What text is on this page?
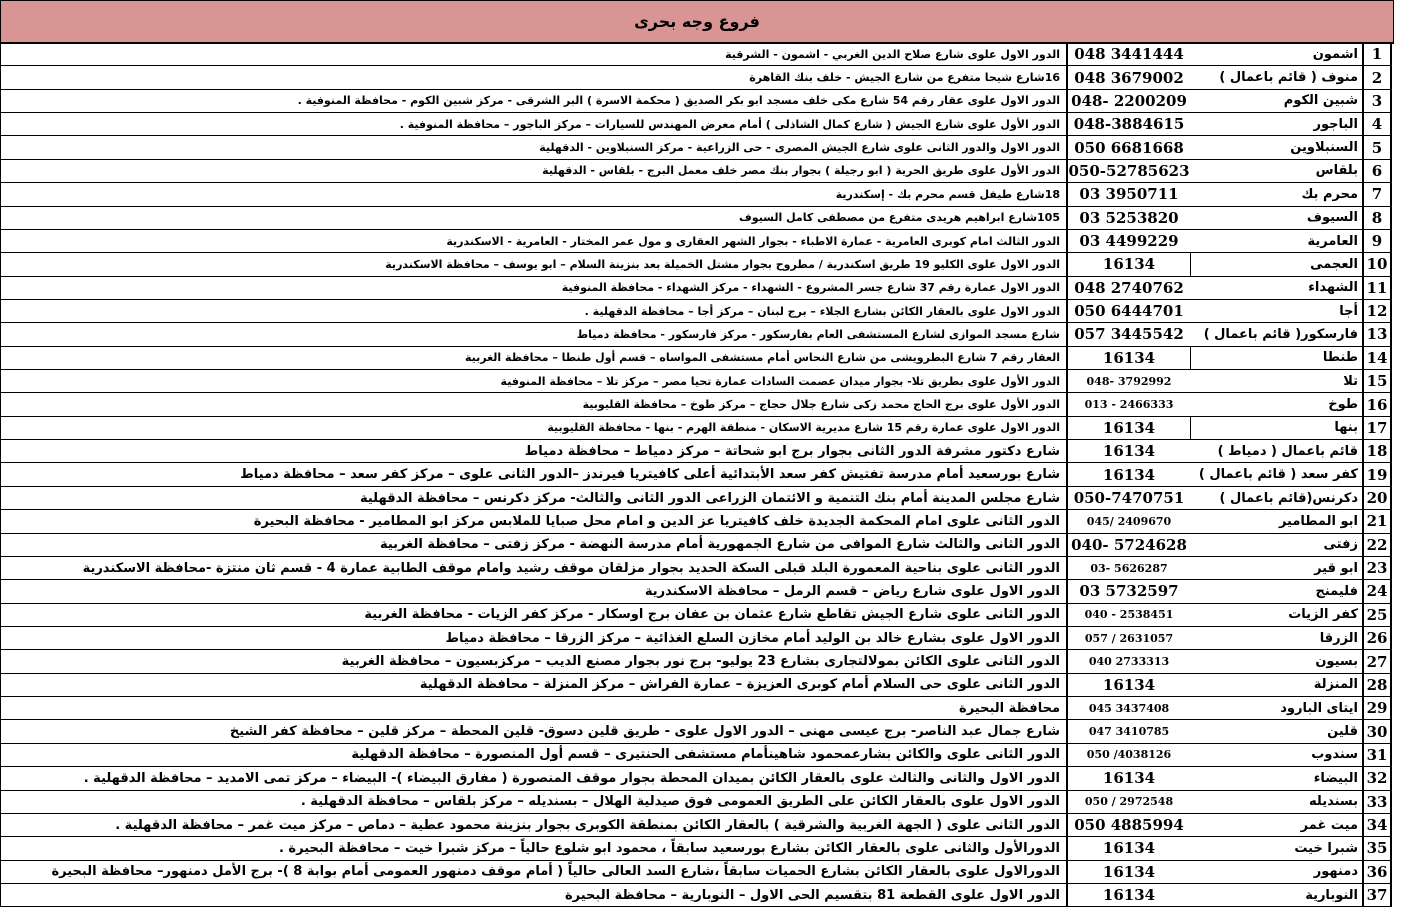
فروع وجه بحرى
1
اشمون
048 3441444
الدور الاول علوى شارع صلاح الدين الغربي - اشمون - الشرقية
2
منوف ( قائم باعمال )
048 3679002
16شارع شيحا متفرع من شارع الجيش - خلف بنك القاهرة
3
شبين الكوم
048- 2200209
الدور الاول علوى عقار رقم 54 شارع مكى خلف مسجد ابو بكر الصديق ( محكمة الاسرة ) البر الشرقى - مركز شبين الكوم - محافظة المنوفية .
4
الباجور
048-3884615
الدور الأول علوى شارع الجيش ( شارع كمال الشاذلى ) أمام معرض المهندس للسيارات – مركز الباجور – محافظة المنوفية .
5
السنبلاوين
050 6681668
الدور الاول والدور الثانى علوى شارع الجيش المصرى - حى الزراعية - مركز السنبلاوين - الدقهلية
6
بلقاس
050-52785623
الدور الأول علوى طريق الحرية ( ابو رجيلة ) بجوار بنك مصر خلف معمل البرج - بلقاس - الدقهلية
7
محرم بك
03 3950711
18شارع طيفل قسم محرم بك - إسكندرية
8
السيوف
03 5253820
105شارع ابراهيم هريدى متفرع من مصطفى كامل السيوف
9
العامرية
03 4499229
الدور الثالث امام كوبرى العامرية - عمارة الاطباء - بجوار الشهر العقارى و مول عمر المختار - العامرية - الاسكندرية
10
العجمى
16134
الدور الاول علوى الكليو 19 طريق اسكندرية / مطروح بجوار مشتل الخميلة بعد بنزينة السلام – ابو يوسف – محافظة الاسكندرية
11
الشهداء
048 2740762
الدور الاول عمارة رقم 37 شارع جسر المشروع - الشهداء - مركز الشهداء - محافظة المنوفية
12
أجا
050 6444701
الدور الاول علوى بالعقار الكائن بشارع الجلاء – برج لبنان – مركز أجا – محافظة الدقهلية .
13
فارسكور( قائم باعمال )
057 3445542
شارع مسجد الموازى لشارع المستشفى العام بفارسكور - مركز فارسكور - محافظة دمياط
14
طنطا
16134
العقار رقم 7 شارع البطرويشى من شارع النحاس أمام مستشفى المواساه – قسم أول طنطا – محافظة الغربية
15
تلا
048- 3792992
الدور الأول علوى بطريق تلا- بجوار ميدان عصمت السادات عمارة تحيا مصر – مركز تلا – محافظة المنوفية
16
طوخ
013 - 2466333
الدور الأول علوى برج الحاج محمد زكى شارع جلال حجاج – مركز طوخ – محافظة القليوبية
17
بنها
16134
الدور الاول علوى عمارة رقم 15 شارع مديرية الاسكان - منطقة الهرم - بنها - محافظة القليوبية
18
قائم باعمال ( دمياط )
16134
شارع دكتور مشرفة الدور الثانى بجوار برج ابو شحاتة – مركز دمياط – محافظة دمياط
19
كفر سعد ( قائم باعمال )
16134
شارع بورسعيد أمام مدرسة تفتيش كفر سعد الأبتدائية أعلى كافيتريا فيرندز –الدور الثانى علوى – مركز كفر سعد – محافظة دمياط
20
دكرنس(قائم باعمال )
050-7470751
شارع مجلس المدينة أمام بنك التنمية و الائتمان الزراعى الدور الثانى والثالث- مركز دكرنس – محافظة الدقهلية
21
ابو المطامير
045/ 2409670
الدور الثانى علوى امام المحكمة الجديدة خلف كافيتريا عز الدين و امام محل صبايا للملابس مركز ابو المطامير - محافظة البحيرة
22
زفتى
040- 5724628
الدور الثانى والثالث شارع الموافى من شارع الجمهورية أمام مدرسة النهضة - مركز زفتى – محافظة الغربية
23
ابو قير
03- 5626287
الدور الثانى علوى بناحية المعمورة البلد قبلى السكة الحديد بجوار مزلقان موقف رشيد وامام موقف الطابية عمارة 4 - قسم ثان منتزة -محافظة الاسكندرية
24
فليمنج
03 5732597
الدور الاول علوى شارع رياض – قسم الرمل – محافظة الاسكندرية
25
كفر الزيات
040 - 2538451
الدور الثانى علوى شارع الجيش تقاطع شارع عثمان بن عفان برج اوسكار - مركز كفر الزيات - محافظة الغربية
26
الزرقا
057 / 2631057
الدور الاول علوى بشارع خالد بن الوليد أمام مخازن السلع الغذائية – مركز الزرقا – محافظة دمياط
27
بسيون
040 2733313
الدور الثانى علوى الكائن بمولالتجارى بشارع 23 يوليو- برج نور بجوار مصنع الديب – مركزبسيون – محافظة الغربية
28
المنزلة
16134
الدور الثانى علوى حى السلام أمام كوبرى العزيزة – عمارة الفراش – مركز المنزلة – محافظة الدقهلية
29
ايتاى البارود
045 3437408
محافظة البحيرة
30
قلين
047 3410785
شارع جمال عبد الناصر- برج عيسى مهنى – الدور الاول علوى - طريق قلين دسوق- قلين المحطة – مركز قلين – محافظة كفر الشيخ
31
سندوب
050 /4038126
الدور الثانى علوى والكائن بشارعمحمود شاهينأمام مستشفى الحنتيرى – قسم أول المنصورة – محافظة الدقهلية
32
البيضاء
16134
الدور الاول والثانى والثالث علوى بالعقار الكائن بميدان المحطة بجوار موقف المنصورة ( مفارق البيضاء )- البيضاء – مركز تمى الامديد – محافظة الدقهلية .
33
بسنديله
050 / 2972548
الدور الاول علوى بالعقار الكائن على الطريق العمومى فوق صيدلية الهلال – بسنديله – مركز بلقاس – محافظة الدقهلية .
34
ميت غمر
050 4885994
الدور الثانى علوى ( الجهة الغربية والشرقية ) بالعقار الكائن بمنطقة الكوبرى بجوار بنزينة محمود عطية – دماص – مركز ميت غمر – محافظة الدقهلية .
35
شبرا خيت
16134
الدورالأول والثانى علوى بالعقار الكائن بشارع بورسعيد سابقاً ، محمود ابو شلوع حالياً – مركز شبرا خيت – محافظة البحيرة .
36
دمنهور
16134
الدورالاول علوى بالعقار الكائن بشارع الحميات سابقاً ،شارع السد العالى حالياً ( أمام موقف دمنهور العمومى أمام بوابة 8 )- برج الأمل دمنهور– محافظة البحيرة
37
النوبارية
16134
الدور الاول علوى القطعة 81 بتقسيم الحى الاول – النوبارية – محافظة البحيرة
